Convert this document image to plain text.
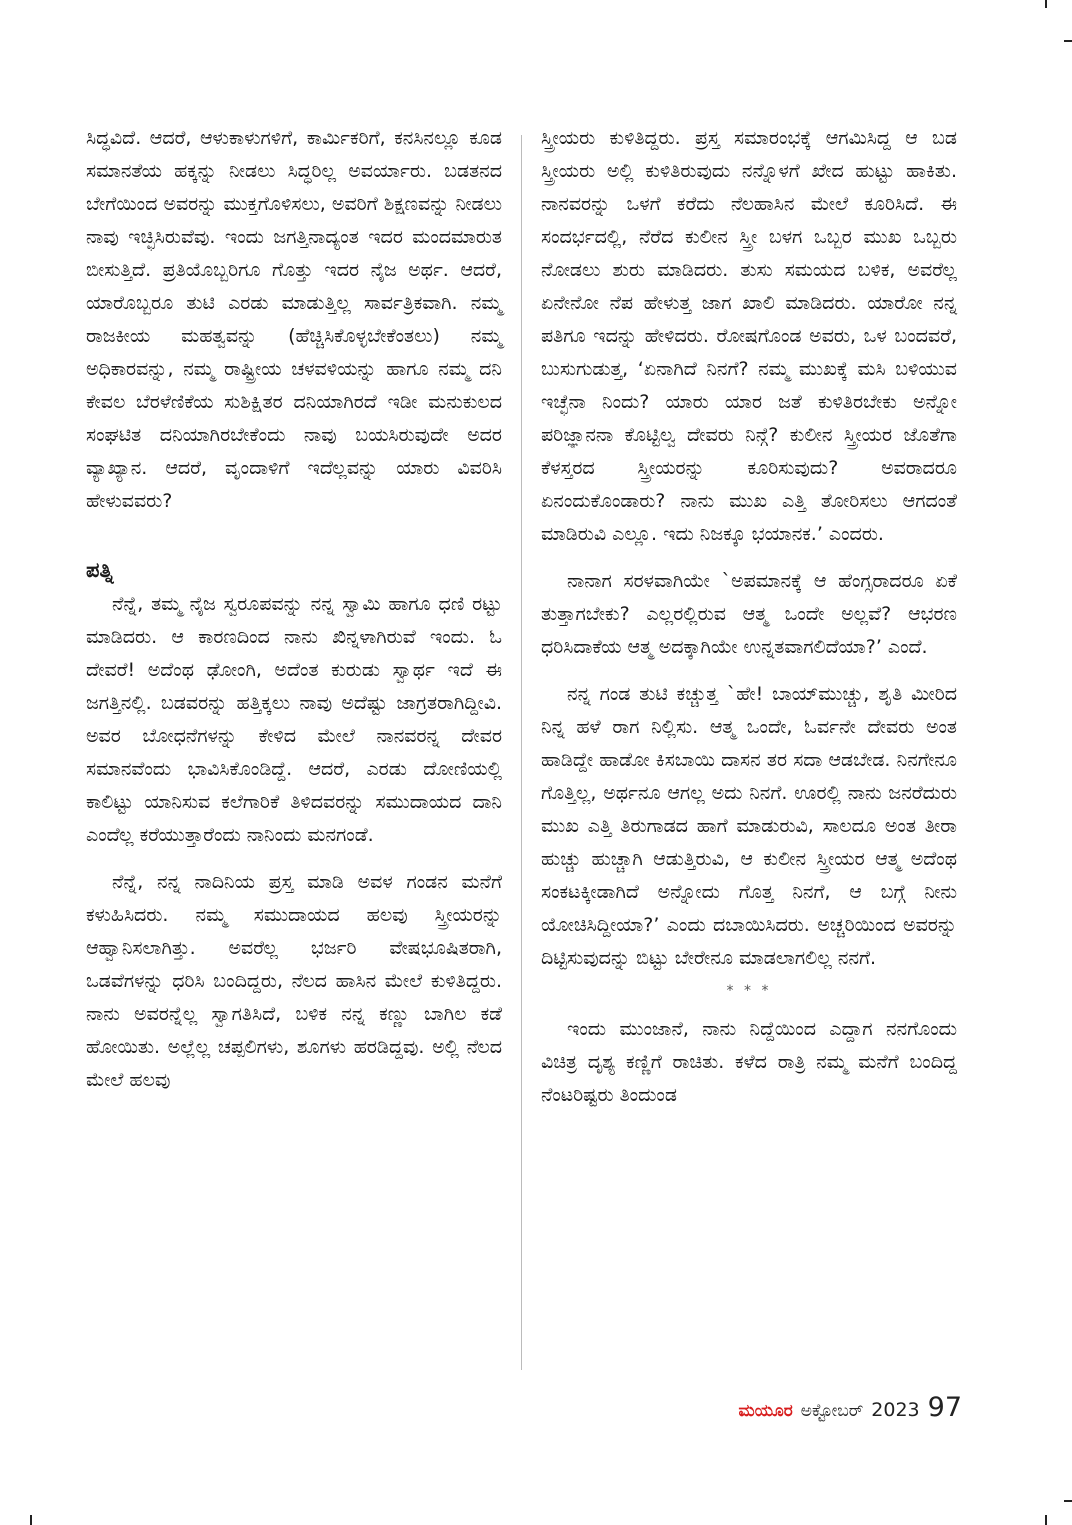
ಸಿದ್ಧವಿದೆ. ಆದರೆ, ಆಳುಕಾಳುಗಳಿಗೆ, ಕಾರ್ಮಿಕರಿಗೆ, ಕನಸಿನಲ್ಲೂ ಕೂಡ ಸಮಾನತೆಯ ಹಕ್ಕನ್ನು ನೀಡಲು ಸಿದ್ಧರಿಲ್ಲ ಅವರ್ಯಾರು. ಬಡತನದ ಬೇಗೆಯಿಂದ ಅವರನ್ನು ಮುಕ್ತಗೊಳಿಸಲು, ಅವರಿಗೆ ಶಿಕ್ಷಣವನ್ನು ನೀಡಲು ನಾವು ಇಚ್ಛಿಸಿರುವೆವು. ಇಂದು ಜಗತ್ತಿನಾದ್ಯಂತ ಇದರ ಮಂದಮಾರುತ ಬೀಸುತ್ತಿದೆ. ಪ್ರತಿಯೊಬ್ಬರಿಗೂ ಗೊತ್ತು ಇದರ ನೈಜ ಅರ್ಥ. ಆದರೆ, ಯಾರೊಬ್ಬರೂ ತುಟಿ ಎರಡು ಮಾಡುತ್ತಿಲ್ಲ ಸಾರ್ವತ್ರಿಕವಾಗಿ. ನಮ್ಮ ರಾಜಕೀಯ ಮಹತ್ವವನ್ನು (ಹೆಚ್ಚಿಸಿಕೊಳ್ಳಬೇಕೆಂತಲು) ನಮ್ಮ ಅಧಿಕಾರವನ್ನು, ನಮ್ಮ ರಾಷ್ಟ್ರೀಯ ಚಳವಳಿಯನ್ನು ಹಾಗೂ ನಮ್ಮ ದನಿ ಕೇವಲ ಬೆರಳೆಣಿಕೆಯ ಸುಶಿಕ್ಷಿತರ ದನಿಯಾಗಿರದೆ ಇಡೀ ಮನುಕುಲದ ಸಂಘಟಿತ ದನಿಯಾಗಿರಬೇಕೆಂದು ನಾವು ಬಯಸಿರುವುದೇ ಅದರ ವ್ಯಾಖ್ಯಾನ. ಆದರೆ, ವೃಂದಾಳಿಗೆ ಇದೆಲ್ಲವನ್ನು ಯಾರು ವಿವರಿಸಿ ಹೇಳುವವರು?

ಪತ್ನಿ

ನೆನ್ನೆ, ತಮ್ಮ ನೈಜ ಸ್ವರೂಪವನ್ನು ನನ್ನ ಸ್ವಾಮಿ ಹಾಗೂ ಧಣಿ ರಟ್ಟು ಮಾಡಿದರು. ಆ ಕಾರಣದಿಂದ ನಾನು ಖಿನ್ನಳಾಗಿರುವೆ ಇಂದು. ಓ ದೇವರೆ! ಅದೆಂಥ ಢೋಂಗಿ, ಅದೆಂತ ಕುರುಡು ಸ್ವಾರ್ಥ ಇದೆ ಈ ಜಗತ್ತಿನಲ್ಲಿ. ಬಡವರನ್ನು ಹತ್ತಿಕ್ಕಲು ನಾವು ಅದೆಷ್ಟು ಜಾಗ್ರತರಾಗಿದ್ದೀವಿ. ಅವರ ಬೋಧನೆಗಳನ್ನು ಕೇಳಿದ ಮೇಲೆ ನಾನವರನ್ನ ದೇವರ ಸಮಾನವೆಂದು ಭಾವಿಸಿಕೊಂಡಿದ್ದೆ. ಆದರೆ, ಎರಡು ದೋಣಿಯಲ್ಲಿ ಕಾಲಿಟ್ಟು ಯಾನಿಸುವ ಕಲೆಗಾರಿಕೆ ತಿಳಿದವರನ್ನು ಸಮುದಾಯದ ದಾನಿ ಎಂದೆಲ್ಲ ಕರೆಯುತ್ತಾರೆಂದು ನಾನಿಂದು ಮನಗಂಡೆ.

ನೆನ್ನೆ, ನನ್ನ ನಾದಿನಿಯ ಪ್ರಸ್ತ ಮಾಡಿ ಅವಳ ಗಂಡನ ಮನೆಗೆ ಕಳುಹಿಸಿದರು. ನಮ್ಮ ಸಮುದಾಯದ ಹಲವು ಸ್ತ್ರೀಯರನ್ನು ಆಹ್ವಾನಿಸಲಾಗಿತ್ತು. ಅವರೆಲ್ಲ ಭರ್ಜರಿ ವೇಷಭೂಷಿತರಾಗಿ, ಒಡವೆಗಳನ್ನು ಧರಿಸಿ ಬಂದಿದ್ದರು, ನೆಲದ ಹಾಸಿನ ಮೇಲೆ ಕುಳಿತಿದ್ದರು. ನಾನು ಅವರನ್ನೆಲ್ಲ ಸ್ವಾಗತಿಸಿದೆ, ಬಳಿಕ ನನ್ನ ಕಣ್ಣು ಬಾಗಿಲ ಕಡೆ ಹೋಯಿತು. ಅಲ್ಲೆಲ್ಲ ಚಪ್ಪಲಿಗಳು, ಶೂಗಳು ಹರಡಿದ್ದವು. ಅಲ್ಲಿ ನೆಲದ ಮೇಲೆ ಹಲವು

ಸ್ತ್ರೀಯರು ಕುಳಿತಿದ್ದರು. ಪ್ರಸ್ತ ಸಮಾರಂಭಕ್ಕೆ ಆಗಮಿಸಿದ್ದ ಆ ಬಡ ಸ್ತ್ರೀಯರು ಅಲ್ಲಿ ಕುಳಿತಿರುವುದು ನನ್ನೊಳಗೆ ಖೇದ ಹುಟ್ಟು ಹಾಕಿತು. ನಾನವರನ್ನು ಒಳಗೆ ಕರೆದು ನೆಲಹಾಸಿನ ಮೇಲೆ ಕೂರಿಸಿದೆ. ಈ ಸಂದರ್ಭದಲ್ಲಿ, ನೆರೆದ ಕುಲೀನ ಸ್ತ್ರೀ ಬಳಗ ಒಬ್ಬರ ಮುಖ ಒಬ್ಬರು ನೋಡಲು ಶುರು ಮಾಡಿದರು. ತುಸು ಸಮಯದ ಬಳಿಕ, ಅವರೆಲ್ಲ ಏನೇನೋ ನೆಪ ಹೇಳುತ್ತ ಜಾಗ ಖಾಲಿ ಮಾಡಿದರು. ಯಾರೋ ನನ್ನ ಪತಿಗೂ ಇದನ್ನು ಹೇಳಿದರು. ರೋಷಗೊಂಡ ಅವರು, ಒಳ ಬಂದವರೆ, ಬುಸುಗುಡುತ್ತ, ‘ಏನಾಗಿದೆ ನಿನಗೆ? ನಮ್ಮ ಮುಖಕ್ಕೆ ಮಸಿ ಬಳಿಯುವ ಇಚ್ಛೆನಾ ನಿಂದು? ಯಾರು ಯಾರ ಜತೆ ಕುಳಿತಿರಬೇಕು ಅನ್ನೋ ಪರಿಜ್ಞಾನನಾ ಕೊಟ್ಟಿಲ್ವ ದೇವರು ನಿನ್ಗೆ? ಕುಲೀನ ಸ್ತ್ರೀಯರ ಜೊತೆಗಾ ಕೆಳಸ್ತರದ ಸ್ತ್ರೀಯರನ್ನು ಕೂರಿಸುವುದು? ಅವರಾದರೂ ಏನಂದುಕೊಂಡಾರು? ನಾನು ಮುಖ ಎತ್ತಿ ತೋರಿಸಲು ಆಗದಂತೆ ಮಾಡಿರುವಿ ಎಲ್ಲೂ. ಇದು ನಿಜಕ್ಕೂ ಭಯಾನಕ.’ ಎಂದರು.

ನಾನಾಗ ಸರಳವಾಗಿಯೇ `ಅಪಮಾನಕ್ಕೆ ಆ ಹೆಂಗ್ಸರಾದರೂ ಏಕೆ ತುತ್ತಾಗಬೇಕು? ಎಲ್ಲರಲ್ಲಿರುವ ಆತ್ಮ ಒಂದೇ ಅಲ್ಲವೆ? ಆಭರಣ ಧರಿಸಿದಾಕೆಯ ಆತ್ಮ ಅದಕ್ಕಾಗಿಯೇ ಉನ್ನತವಾಗಲಿದೆಯಾ?’ ಎಂದೆ.

ನನ್ನ ಗಂಡ ತುಟಿ ಕಚ್ಚುತ್ತ `ಹೇ! ಬಾಯ್‌ಮುಚ್ಚು, ಶೃತಿ ಮೀರಿದ ನಿನ್ನ ಹಳೆ ರಾಗ ನಿಲ್ಲಿಸು. ಆತ್ಮ ಒಂದೇ, ಓರ್ವನೇ ದೇವರು ಅಂತ ಹಾಡಿದ್ದೇ ಹಾಡೋ ಕಿಸಬಾಯಿ ದಾಸನ ತರ ಸದಾ ಆಡಬೇಡ. ನಿನಗೇನೂ ಗೊತ್ತಿಲ್ಲ, ಅರ್ಥನೂ ಆಗಲ್ಲ ಅದು ನಿನಗೆ. ಊರಲ್ಲಿ ನಾನು ಜನರೆದುರು ಮುಖ ಎತ್ತಿ ತಿರುಗಾಡದ ಹಾಗೆ ಮಾಡುರುವಿ, ಸಾಲದೂ ಅಂತ ತೀರಾ ಹುಚ್ಚು ಹುಚ್ಚಾಗಿ ಆಡುತ್ತಿರುವಿ, ಆ ಕುಲೀನ ಸ್ತ್ರೀಯರ ಆತ್ಮ ಅದೆಂಥ ಸಂಕಟಕ್ಕೀಡಾಗಿದೆ ಅನ್ನೋದು ಗೊತ್ತ ನಿನಗೆ, ಆ ಬಗ್ಗೆ ನೀನು ಯೋಚಿಸಿದ್ದೀಯಾ?’ ಎಂದು ದಬಾಯಿಸಿದರು. ಅಚ್ಚರಿಯಿಂದ ಅವರನ್ನು ದಿಟ್ಟಿಸುವುದನ್ನು ಬಿಟ್ಟು ಬೇರೇನೂ ಮಾಡಲಾಗಲಿಲ್ಲ ನನಗೆ.

* * *

ಇಂದು ಮುಂಜಾನೆ, ನಾನು ನಿದ್ದೆಯಿಂದ ಎದ್ದಾಗ ನನಗೊಂದು ವಿಚಿತ್ರ ದೃಶ್ಯ ಕಣ್ಣಿಗೆ ರಾಚಿತು. ಕಳೆದ ರಾತ್ರಿ ನಮ್ಮ ಮನೆಗೆ ಬಂದಿದ್ದ ನೆಂಟರಿಷ್ಟರು ತಿಂದುಂಡ

ಮಯೂರ ಅಕ್ಟೋಬರ್ 2023 97
